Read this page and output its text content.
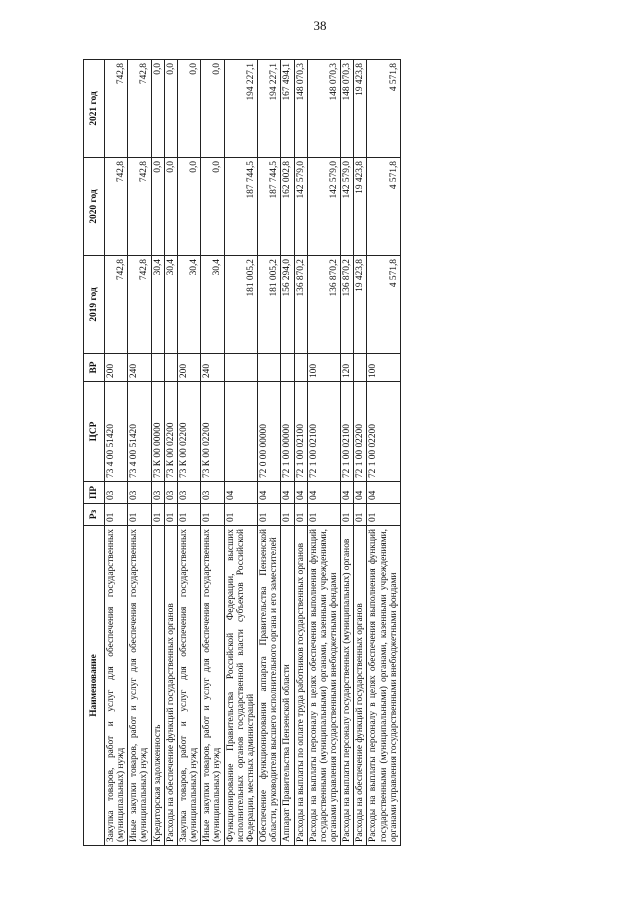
38
Наименование	Рз	ПР	ЦСР	ВР	2019 год	2020 год	2021 год
Закупка товаров, работ и услуг для обеспечения государственных (муниципальных) нужд	01	03	73 4 00 51420	200	742,8	742,8	742,8
Иные закупки товаров, работ и услуг для обеспечения государственных (муниципальных) нужд	01	03	73 4 00 51420	240	742,8	742,8	742,8
Кредиторская задолженность	01	03	73 К 00 00000		30,4	0,0	0,0
Расходы на обеспечение функций государственных органов	01	03	73 К 00 02200		30,4	0,0	0,0
Закупка товаров, работ и услуг для обеспечения государственных (муниципальных) нужд	01	03	73 К 00 02200	200	30,4	0,0	0,0
Иные закупки товаров, работ и услуг для обеспечения государственных (муниципальных) нужд	01	03	73 К 00 02200	240	30,4	0,0	0,0
Функционирование Правительства Российской Федерации, высших исполнительных органов государственной власти субъектов Российской Федерации, местных администраций	01	04			181 005,2	187 744,5	194 227,1
Обеспечение функционирования аппарата Правительства Пензенской области, руководителя высшего исполнительного органа и его заместителей	01	04	72 0 00 00000		181 005,2	187 744,5	194 227,1
Аппарат Правительства Пензенской области	01	04	72 1 00 00000		156 294,0	162 002,8	167 494,1
Расходы на выплаты по оплате труда работников государственных органов	01	04	72 1 00 02100		136 870,2	142 579,0	148 070,3
Расходы на выплаты персоналу в целях обеспечения выполнения функций государственными (муниципальными) органами, казенными учреждениями, органами управления государственными внебюджетными фондами	01	04	72 1 00 02100	100	136 870,2	142 579,0	148 070,3
Расходы на выплаты персоналу государственных (муниципальных) органов	01	04	72 1 00 02100	120	136 870,2	142 579,0	148 070,3
Расходы на обеспечение функций государственных органов	01	04	72 1 00 02200		19 423,8	19 423,8	19 423,8
Расходы на выплаты персоналу в целях обеспечения выполнения функций государственными (муниципальными) органами, казенными учреждениями, органами управления государственными внебюджетными фондами	01	04	72 1 00 02200	100	4 571,8	4 571,8	4 571,8
